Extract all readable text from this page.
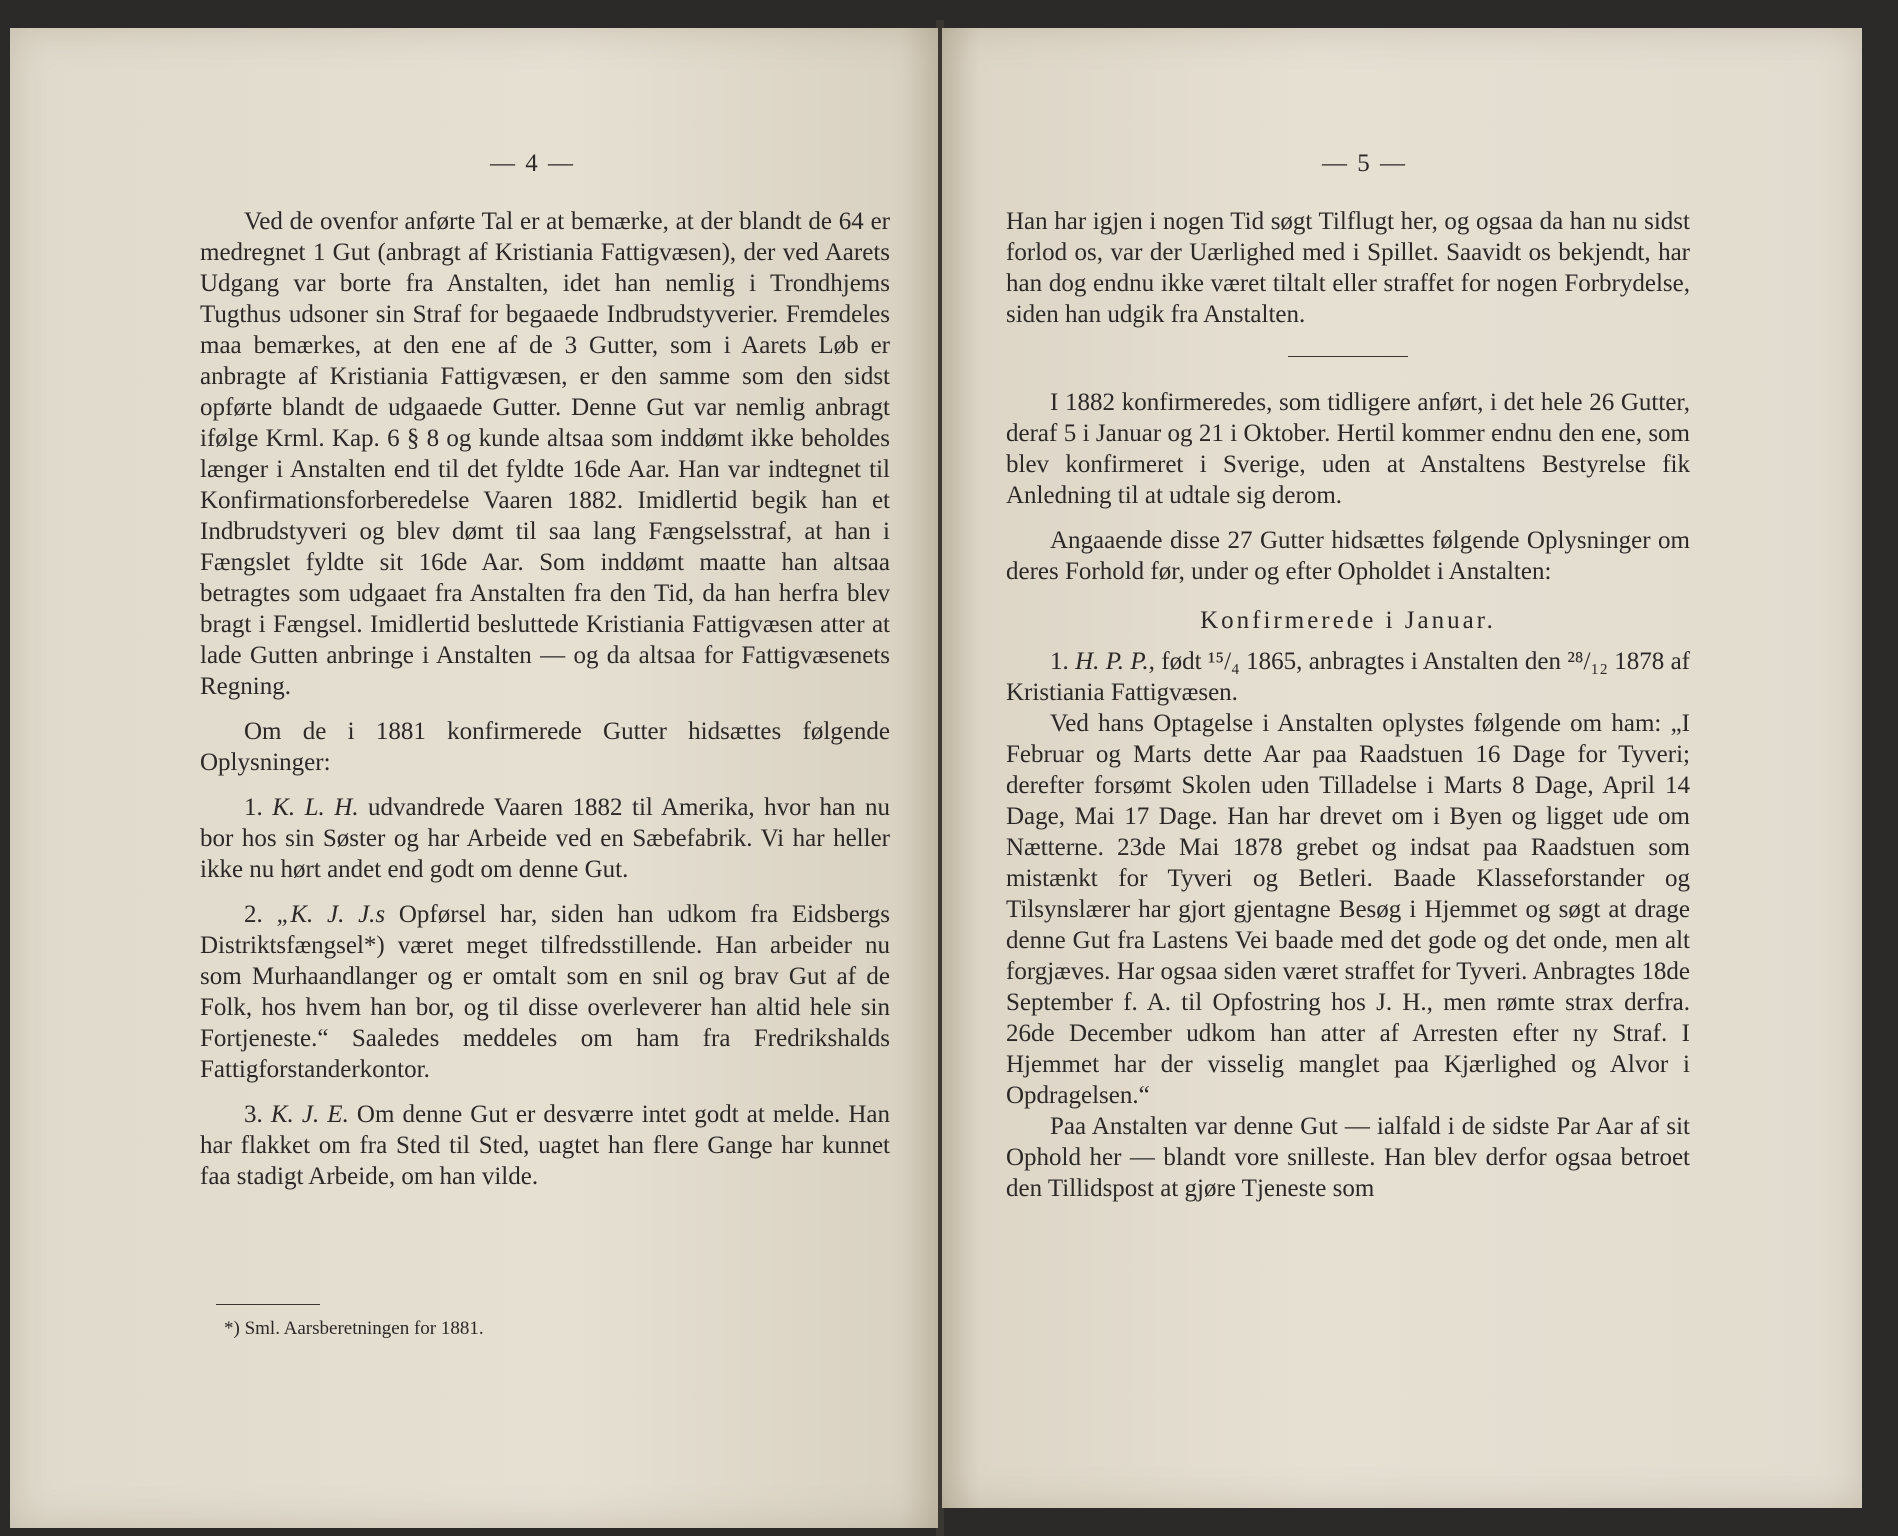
— 4 —

Ved de ovenfor anførte Tal er at bemærke, at der blandt de 64 er medregnet 1 Gut (anbragt af Kristiania Fattigvæsen), der ved Aarets Udgang var borte fra Anstalten, idet han nemlig i Trondhjems Tugthus udsoner sin Straf for begaaede Indbrudstyverier. Fremdeles maa bemærkes, at den ene af de 3 Gutter, som i Aarets Løb er anbragte af Kristiania Fattigvæsen, er den samme som den sidst opførte blandt de udgaaede Gutter. Denne Gut var nemlig anbragt ifølge Krml. Kap. 6 § 8 og kunde altsaa som inddømt ikke beholdes længer i Anstalten end til det fyldte 16de Aar. Han var indtegnet til Konfirmationsforberedelse Vaaren 1882. Imidlertid begik han et Indbrudstyveri og blev dømt til saa lang Fængselsstraf, at han i Fængslet fyldte sit 16de Aar. Som inddømt maatte han altsaa betragtes som udgaaet fra Anstalten fra den Tid, da han herfra blev bragt i Fængsel. Imidlertid besluttede Kristiania Fattigvæsen atter at lade Gutten anbringe i Anstalten — og da altsaa for Fattigvæsenets Regning.

Om de i 1881 konfirmerede Gutter hidsættes følgende Oplysninger:

1. K. L. H. udvandrede Vaaren 1882 til Amerika, hvor han nu bor hos sin Søster og har Arbeide ved en Sæbefabrik. Vi har heller ikke nu hørt andet end godt om denne Gut.

2. „K. J. J.s Opførsel har, siden han udkom fra Eidsbergs Distriktsfængsel*) været meget tilfredsstillende. Han arbeider nu som Murhaandlanger og er omtalt som en snil og brav Gut af de Folk, hos hvem han bor, og til disse overleverer han altid hele sin Fortjeneste.“ Saaledes meddeles om ham fra Fredrikshalds Fattigforstanderkontor.

3. K. J. E. Om denne Gut er desværre intet godt at melde. Han har flakket om fra Sted til Sted, uagtet han flere Gange har kunnet faa stadigt Arbeide, om han vilde.

*) Sml. Aarsberetningen for 1881.
— 5 —

Han har igjen i nogen Tid søgt Tilflugt her, og ogsaa da han nu sidst forlod os, var der Uærlighed med i Spillet. Saavidt os bekjendt, har han dog endnu ikke været tiltalt eller straffet for nogen Forbrydelse, siden han udgik fra Anstalten.

I 1882 konfirmeredes, som tidligere anført, i det hele 26 Gutter, deraf 5 i Januar og 21 i Oktober. Hertil kommer endnu den ene, som blev konfirmeret i Sverige, uden at Anstaltens Bestyrelse fik Anledning til at udtale sig derom.

Angaaende disse 27 Gutter hidsættes følgende Oplysninger om deres Forhold før, under og efter Opholdet i Anstalten:

Konfirmerede i Januar.

1. H. P. P., født ¹⁵/₄ 1865, anbragtes i Anstalten den ²⁸/₁₂ 1878 af Kristiania Fattigvæsen.

Ved hans Optagelse i Anstalten oplystes følgende om ham: „I Februar og Marts dette Aar paa Raadstuen 16 Dage for Tyveri; derefter forsømt Skolen uden Tilladelse i Marts 8 Dage, April 14 Dage, Mai 17 Dage. Han har drevet om i Byen og ligget ude om Nætterne. 23de Mai 1878 grebet og indsat paa Raadstuen som mistænkt for Tyveri og Betleri. Baade Klasseforstander og Tilsynslærer har gjort gjentagne Besøg i Hjemmet og søgt at drage denne Gut fra Lastens Vei baade med det gode og det onde, men alt forgjæves. Har ogsaa siden været straffet for Tyveri. Anbragtes 18de September f. A. til Opfostring hos J. H., men rømte strax derfra. 26de December udkom han atter af Arresten efter ny Straf. I Hjemmet har der visselig manglet paa Kjærlighed og Alvor i Opdragelsen.“

Paa Anstalten var denne Gut — ialfald i de sidste Par Aar af sit Ophold her — blandt vore snilleste. Han blev derfor ogsaa betroet den Tillidspost at gjøre Tjeneste som
